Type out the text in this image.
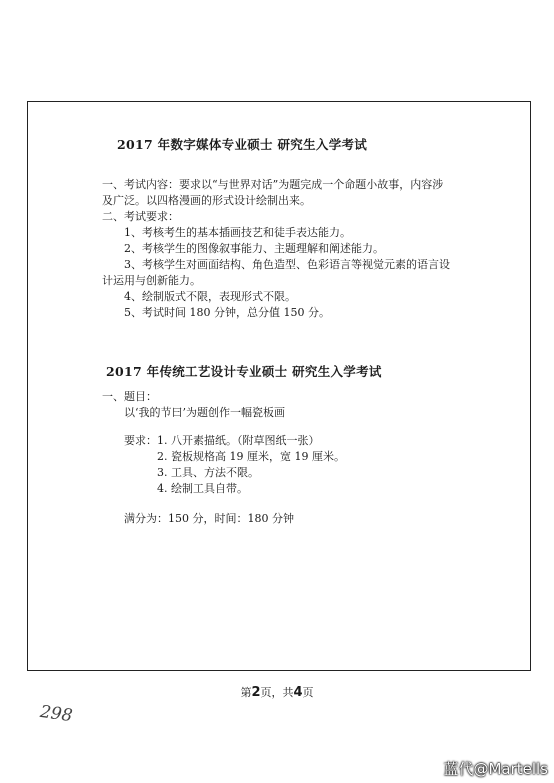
2017 年数字媒体专业硕士 研究生入学考试
一、考试内容：要求以“与世界对话”为题完成一个命题小故事，内容涉
及广泛。以四格漫画的形式设计绘制出来。
二、考试要求：
1、考核考生的基本插画技艺和徒手表达能力。
2、考核学生的图像叙事能力、主题理解和阐述能力。
3、考核学生对画面结构、角色造型、色彩语言等视觉元素的语言设
计运用与创新能力。
4、绘制版式不限，表现形式不限。
5、考试时间 180 分钟，总分值 150 分。
2017 年传统工艺设计专业硕士 研究生入学考试
一、题目：
以‘我的节曰’为题创作一幅瓷板画
要求： 1. 八开素描纸。（附草图纸一张）
2. 瓷板规格高 19 厘米，宽 19 厘米。
3. 工具、方法不限。
4. 绘制工具自带。
满分为：150 分，时间：180 分钟
第2页，共4页
298
蓝代@Martells
